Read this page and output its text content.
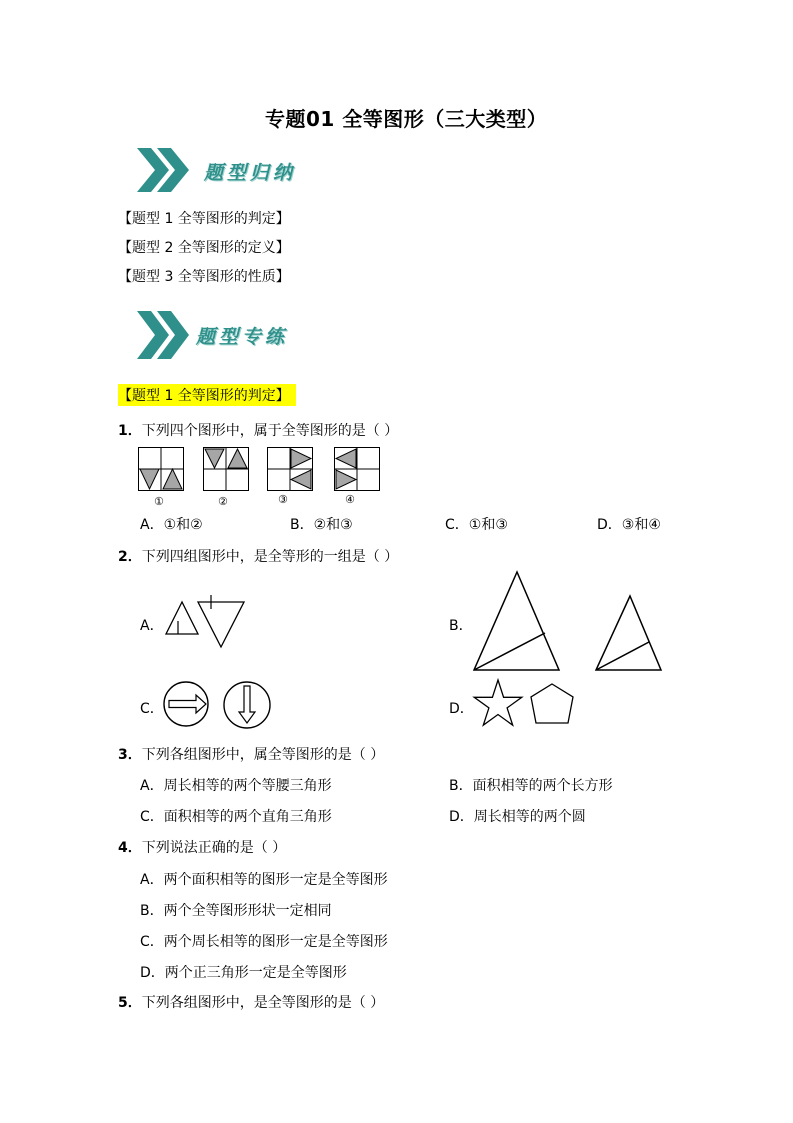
专题01 全等图形（三大类型）
题型归纳
【题型 1 全等图形的判定】
【题型 2 全等图形的定义】
【题型 3 全等图形的性质】
题型专练
【题型 1 全等图形的判定】
1．下列四个图形中，属于全等图形的是（ ）
①	②	③	④
A．①和②	B．②和③	C．①和③	D．③和④
2．下列四组图形中，是全等形的一组是（ ）
A．	B．
C．	D．
3．下列各组图形中，属全等图形的是（ ）
A．周长相等的两个等腰三角形	B．面积相等的两个长方形
C．面积相等的两个直角三角形	D．周长相等的两个圆
4．下列说法正确的是（ ）
A．两个面积相等的图形一定是全等图形
B．两个全等图形形状一定相同
C．两个周长相等的图形一定是全等图形
D．两个正三角形一定是全等图形
5．下列各组图形中，是全等图形的是（ ）
